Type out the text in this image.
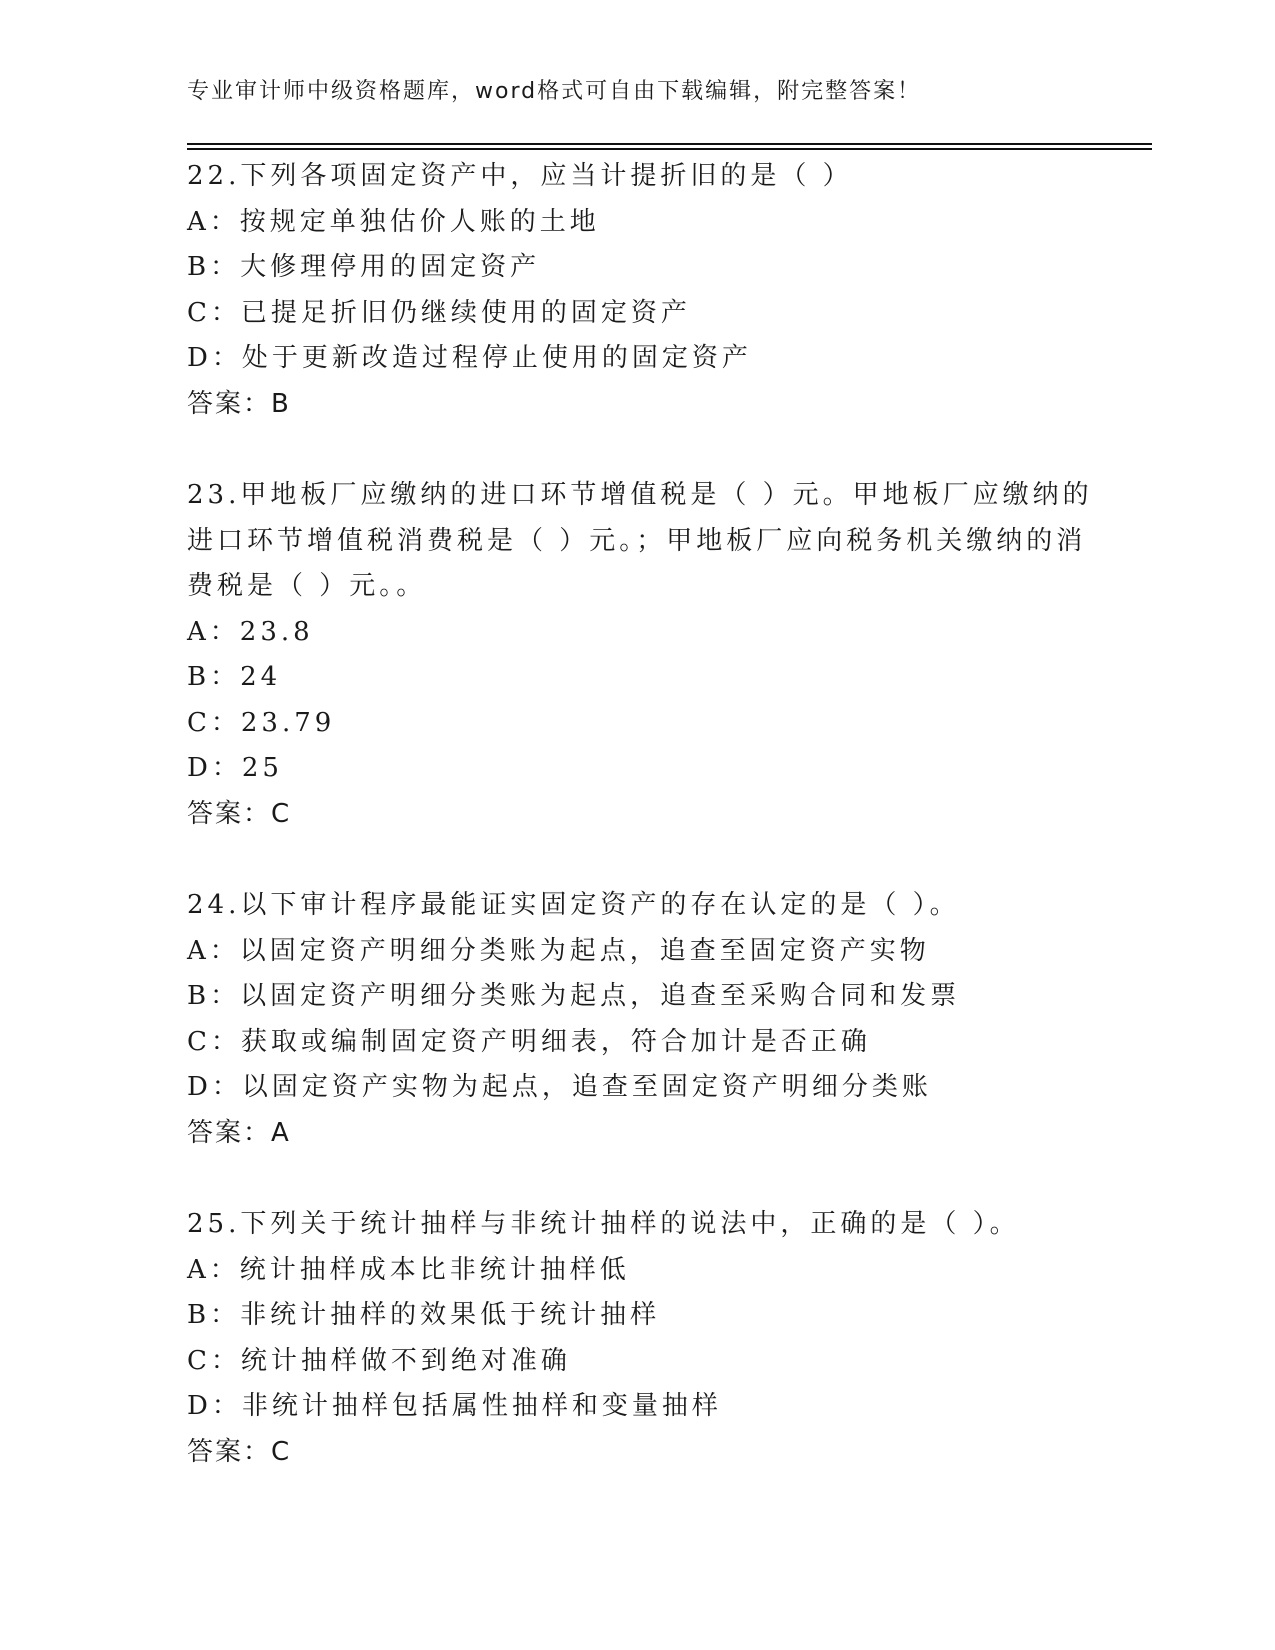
专业审计师中级资格题库，word格式可自由下载编辑，附完整答案！
22.下列各项固定资产中，应当计提折旧的是（ ）
A：按规定单独估价人账的土地
B：大修理停用的固定资产
C：已提足折旧仍继续使用的固定资产
D：处于更新改造过程停止使用的固定资产
答案：B
23.甲地板厂应缴纳的进口环节增值税是（ ）元。甲地板厂应缴纳的
进口环节增值税消费税是（ ）元。；甲地板厂应向税务机关缴纳的消
费税是（ ）元。。
A：23.8
B：24
C：23.79
D：25
答案：C
24.以下审计程序最能证实固定资产的存在认定的是（ ）。
A：以固定资产明细分类账为起点，追查至固定资产实物
B：以固定资产明细分类账为起点，追查至采购合同和发票
C：获取或编制固定资产明细表，符合加计是否正确
D：以固定资产实物为起点，追查至固定资产明细分类账
答案：A
25.下列关于统计抽样与非统计抽样的说法中，正确的是（ ）。
A：统计抽样成本比非统计抽样低
B：非统计抽样的效果低于统计抽样
C：统计抽样做不到绝对准确
D：非统计抽样包括属性抽样和变量抽样
答案：C
